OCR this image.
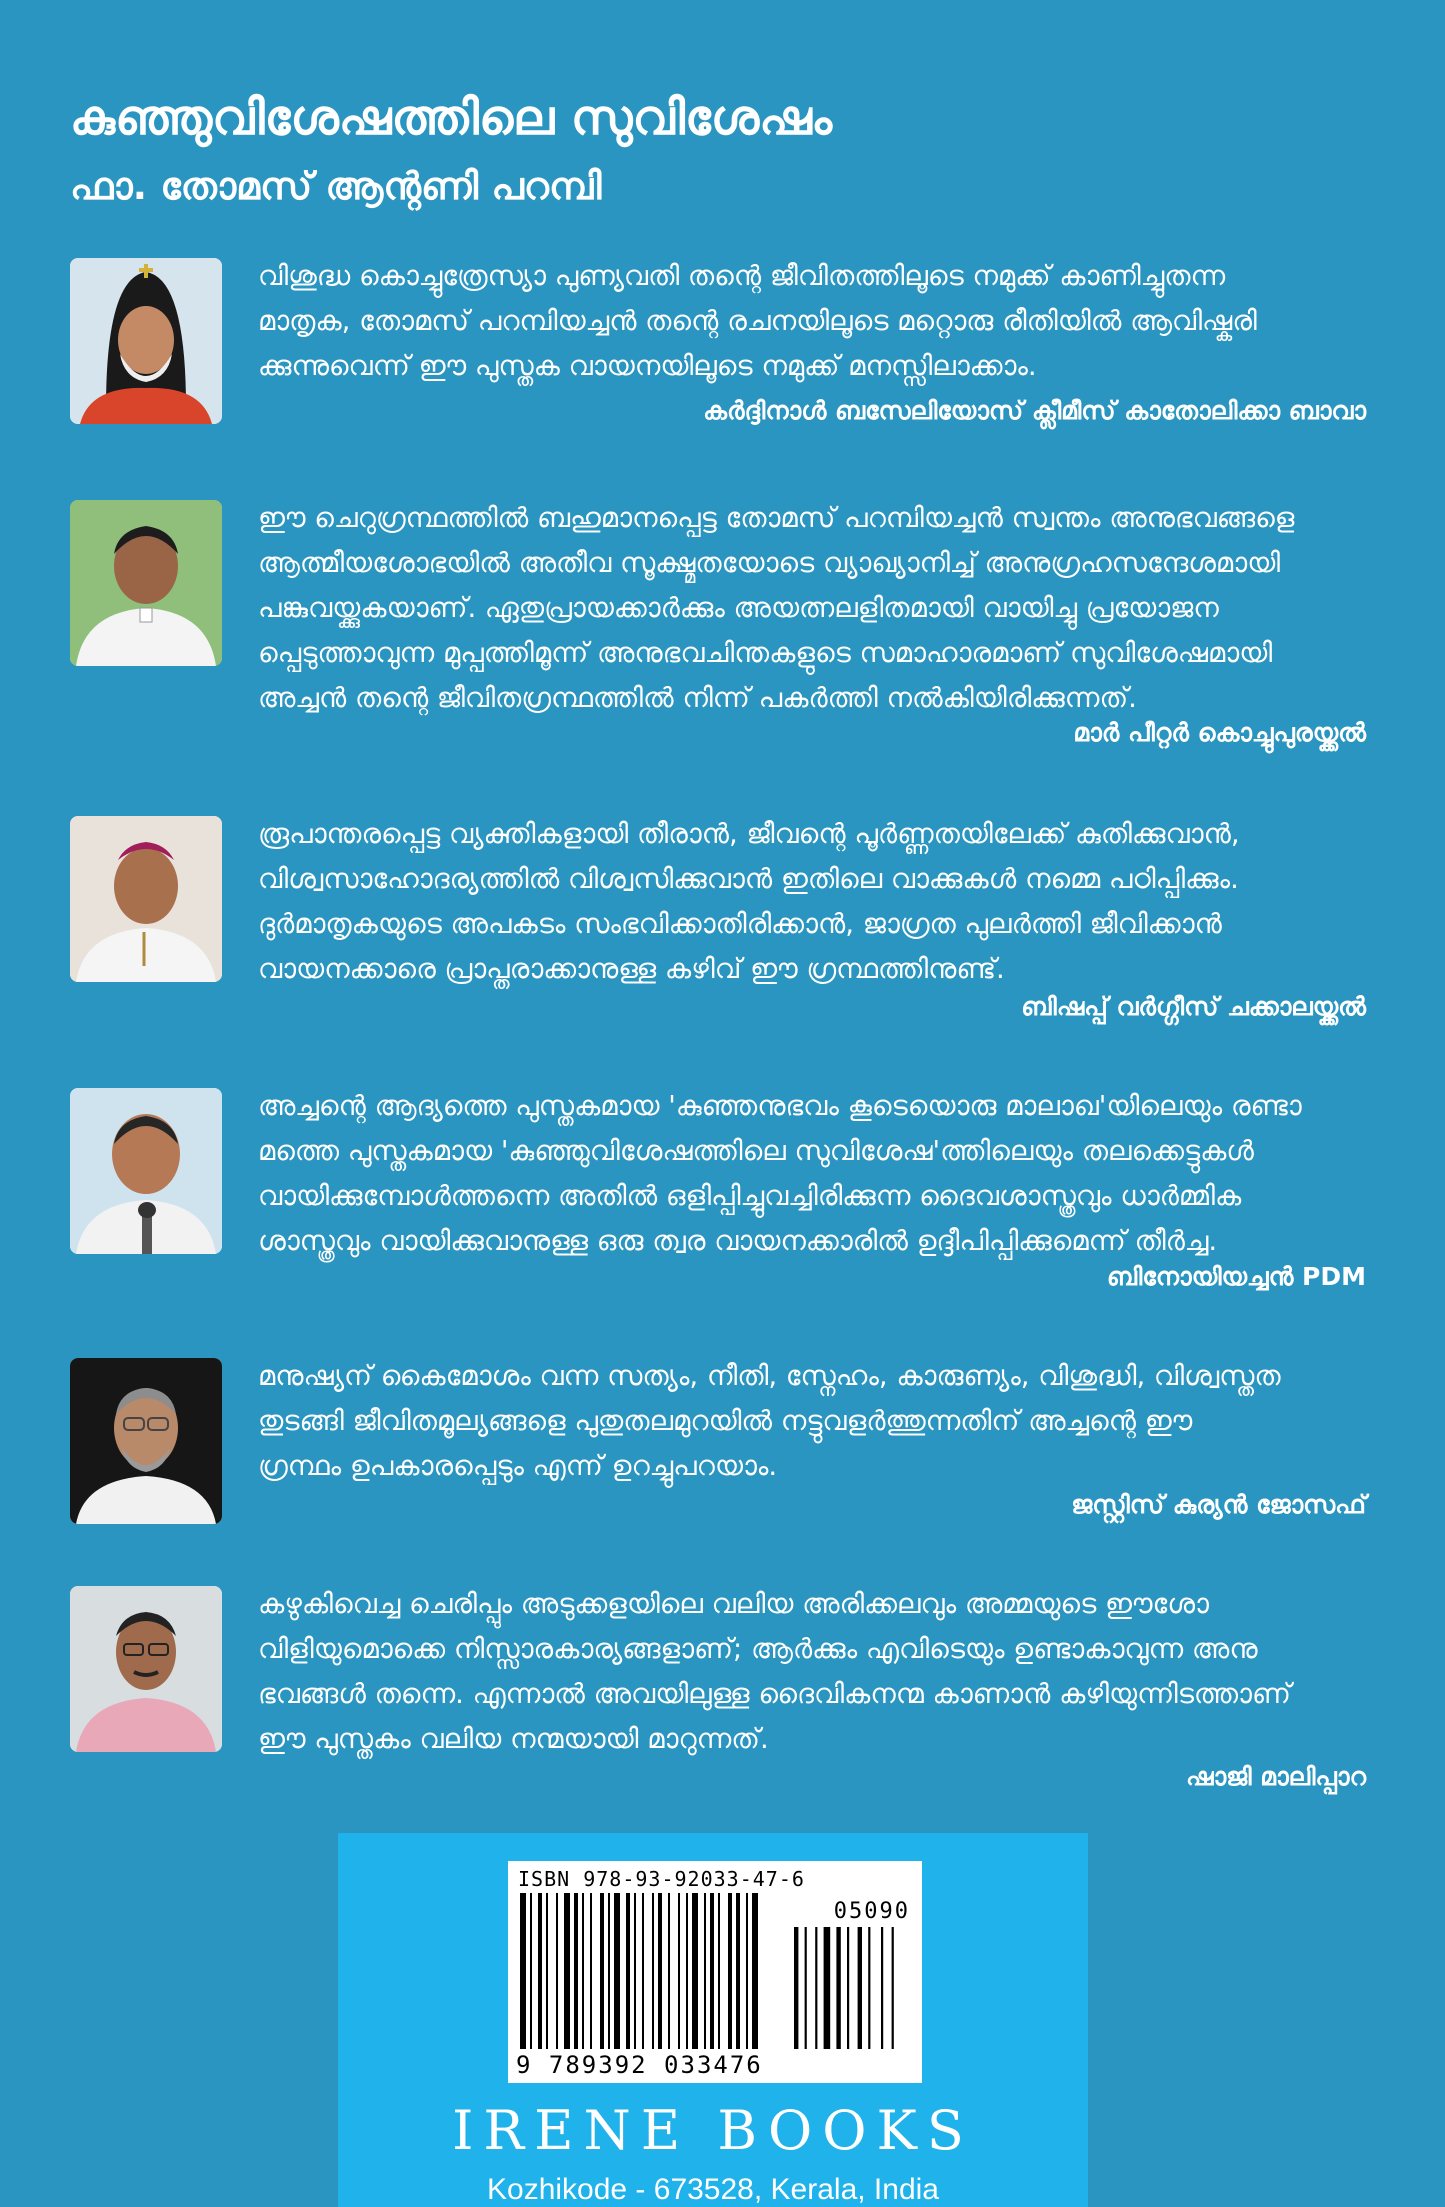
കുഞ്ഞുവിശേഷത്തിലെ സുവിശേഷം
ഫാ. തോമസ് ആന്റണി പറമ്പി

വിശുദ്ധ കൊച്ചുത്രേസ്യാ പുണ്യവതി തന്റെ ജീവിതത്തിലൂടെ നമുക്ക് കാണിച്ചുതന്ന
മാതൃക, തോമസ് പറമ്പിയച്ചൻ തന്റെ രചനയിലൂടെ മറ്റൊരു രീതിയിൽ ആവിഷ്കരി
ക്കുന്നുവെന്ന് ഈ പുസ്തക വായനയിലൂടെ നമുക്ക് മനസ്സിലാക്കാം.

കർദ്ദിനാൾ ബസേലിയോസ് ക്ലീമീസ് കാതോലിക്കാ ബാവാ

ഈ ചെറുഗ്രന്ഥത്തിൽ ബഹുമാനപ്പെട്ട തോമസ് പറമ്പിയച്ചൻ സ്വന്തം അനുഭവങ്ങളെ
ആത്മീയശോഭയിൽ അതീവ സൂക്ഷ്മതയോടെ വ്യാഖ്യാനിച്ച് അനുഗ്രഹസന്ദേശമായി
പങ്കുവയ്ക്കുകയാണ്. ഏതുപ്രായക്കാർക്കും അയത്നലളിതമായി വായിച്ചു പ്രയോജന
പ്പെടുത്താവുന്ന മുപ്പത്തിമൂന്ന് അനുഭവചിന്തകളുടെ സമാഹാരമാണ് സുവിശേഷമായി
അച്ചൻ തന്റെ ജീവിതഗ്രന്ഥത്തിൽ നിന്ന് പകർത്തി നൽകിയിരിക്കുന്നത്.

മാർ പീറ്റർ കൊച്ചുപുരയ്ക്കൽ

രൂപാന്തരപ്പെട്ട വ്യക്തികളായി തീരാൻ, ജീവന്റെ പൂർണ്ണതയിലേക്ക് കുതിക്കുവാൻ,
വിശ്വസാഹോദര്യത്തിൽ വിശ്വസിക്കുവാൻ ഇതിലെ വാക്കുകൾ നമ്മെ പഠിപ്പിക്കും.
ദുർമാതൃകയുടെ അപകടം സംഭവിക്കാതിരിക്കാൻ, ജാഗ്രത പുലർത്തി ജീവിക്കാൻ
വായനക്കാരെ പ്രാപ്തരാക്കാനുള്ള കഴിവ് ഈ ഗ്രന്ഥത്തിനുണ്ട്.

ബിഷപ്പ് വർഗ്ഗീസ് ചക്കാലയ്ക്കൽ

അച്ചന്റെ ആദ്യത്തെ പുസ്തകമായ 'കുഞ്ഞനുഭവം കൂടെയൊരു മാലാഖ'യിലെയും രണ്ടാ
മത്തെ പുസ്തകമായ 'കുഞ്ഞുവിശേഷത്തിലെ സുവിശേഷ'ത്തിലെയും തലക്കെട്ടുകൾ
വായിക്കുമ്പോൾത്തന്നെ അതിൽ ഒളിപ്പിച്ചുവച്ചിരിക്കുന്ന ദൈവശാസ്ത്രവും ധാർമ്മിക
ശാസ്ത്രവും വായിക്കുവാനുള്ള ഒരു ത്വര വായനക്കാരിൽ ഉദ്ദീപിപ്പിക്കുമെന്ന് തീർച്ച.

ബിനോയിയച്ചൻ PDM

മനുഷ്യന് കൈമോശം വന്ന സത്യം, നീതി, സ്നേഹം, കാരുണ്യം, വിശുദ്ധി, വിശ്വസ്തത
തുടങ്ങി ജീവിതമൂല്യങ്ങളെ പുതുതലമുറയിൽ നട്ടുവളർത്തുന്നതിന് അച്ചന്റെ ഈ
ഗ്രന്ഥം ഉപകാരപ്പെടും എന്ന് ഉറച്ചുപറയാം.

ജസ്റ്റിസ് കുര്യൻ ജോസഫ്

കഴുകിവെച്ച ചെരിപ്പും അടുക്കളയിലെ വലിയ അരിക്കലവും അമ്മയുടെ ഈശോ
വിളിയുമൊക്കെ നിസ്സാരകാര്യങ്ങളാണ്; ആർക്കും എവിടെയും ഉണ്ടാകാവുന്ന അനു
ഭവങ്ങൾ തന്നെ. എന്നാൽ അവയിലുള്ള ദൈവികനന്മ കാണാൻ കഴിയുന്നിടത്താണ്
ഈ പുസ്തകം വലിയ നന്മയായി മാറുന്നത്.

ഷാജി മാലിപ്പാറ
ISBN 978-93-92033-47-6
05090
9 789392 033476
IRENE BOOKS
Kozhikode - 673528, Kerala, India
